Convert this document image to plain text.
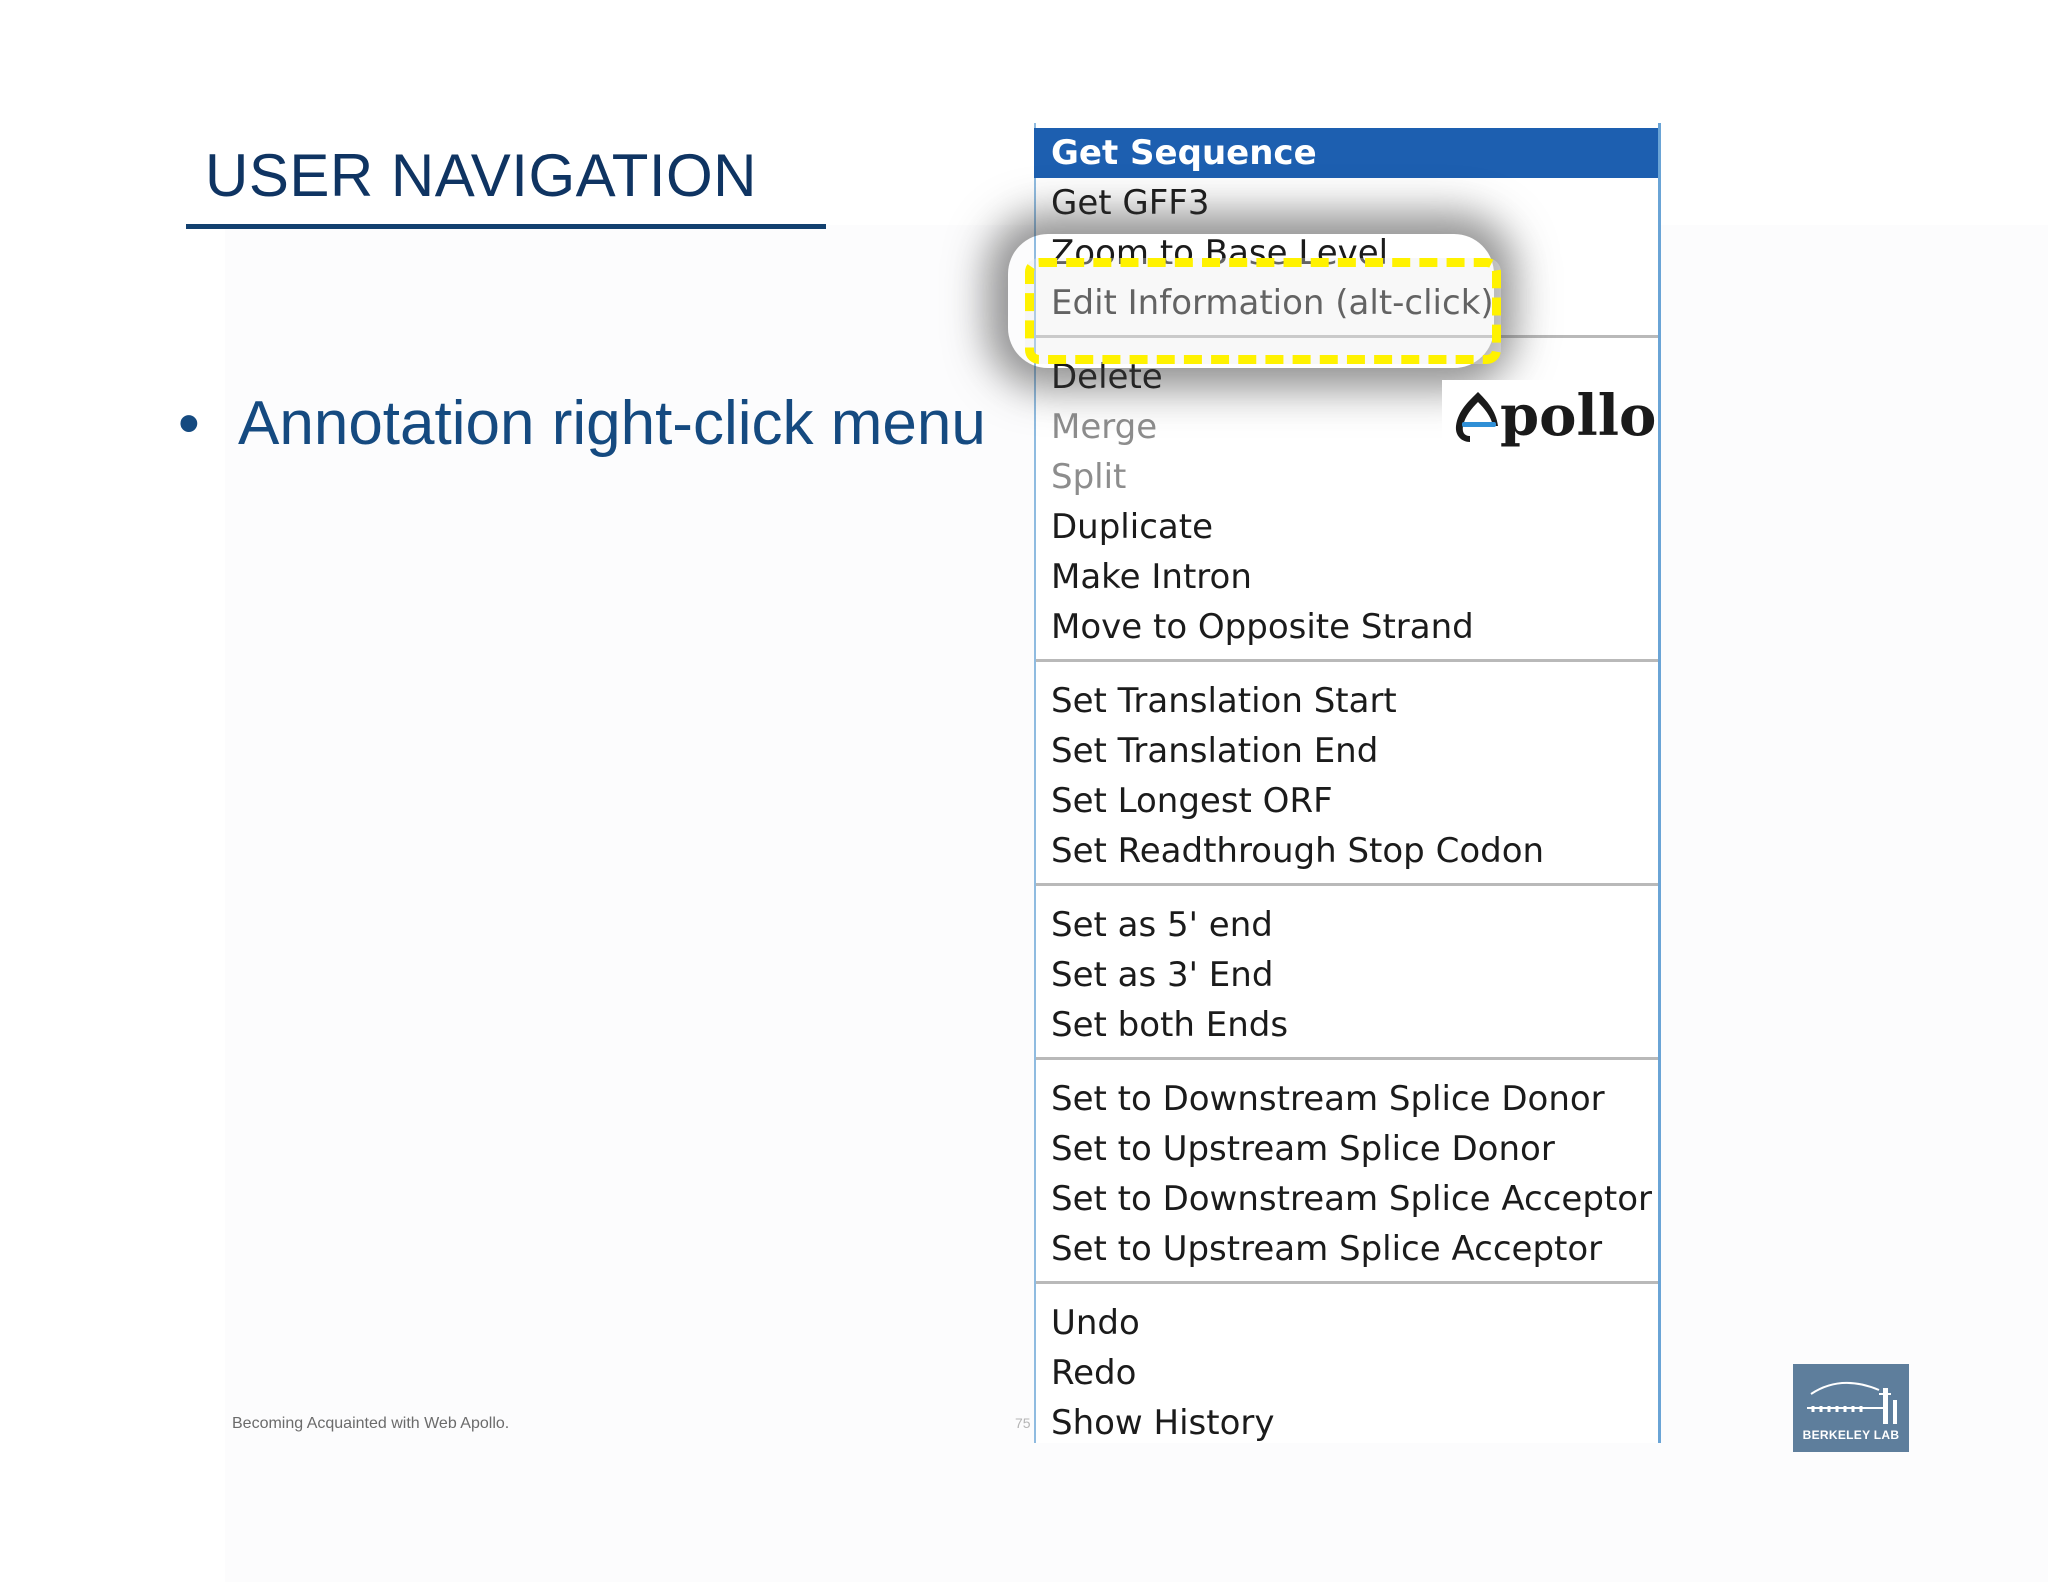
USER NAVIGATION
• Annotation right-click menu
Get Sequence
Get GFF3
Zoom to Base Level
Edit Information (alt-click)
Delete
Merge
Split
Duplicate
Make Intron
Move to Opposite Strand
Set Translation Start
Set Translation End
Set Longest ORF
Set Readthrough Stop Codon
Set as 5' end
Set as 3' End
Set both Ends
Set to Downstream Splice Donor
Set to Upstream Splice Donor
Set to Downstream Splice Acceptor
Set to Upstream Splice Acceptor
Undo
Redo
Show History
pollo
Becoming Acquainted with Web Apollo.	75
BERKELEY LAB
